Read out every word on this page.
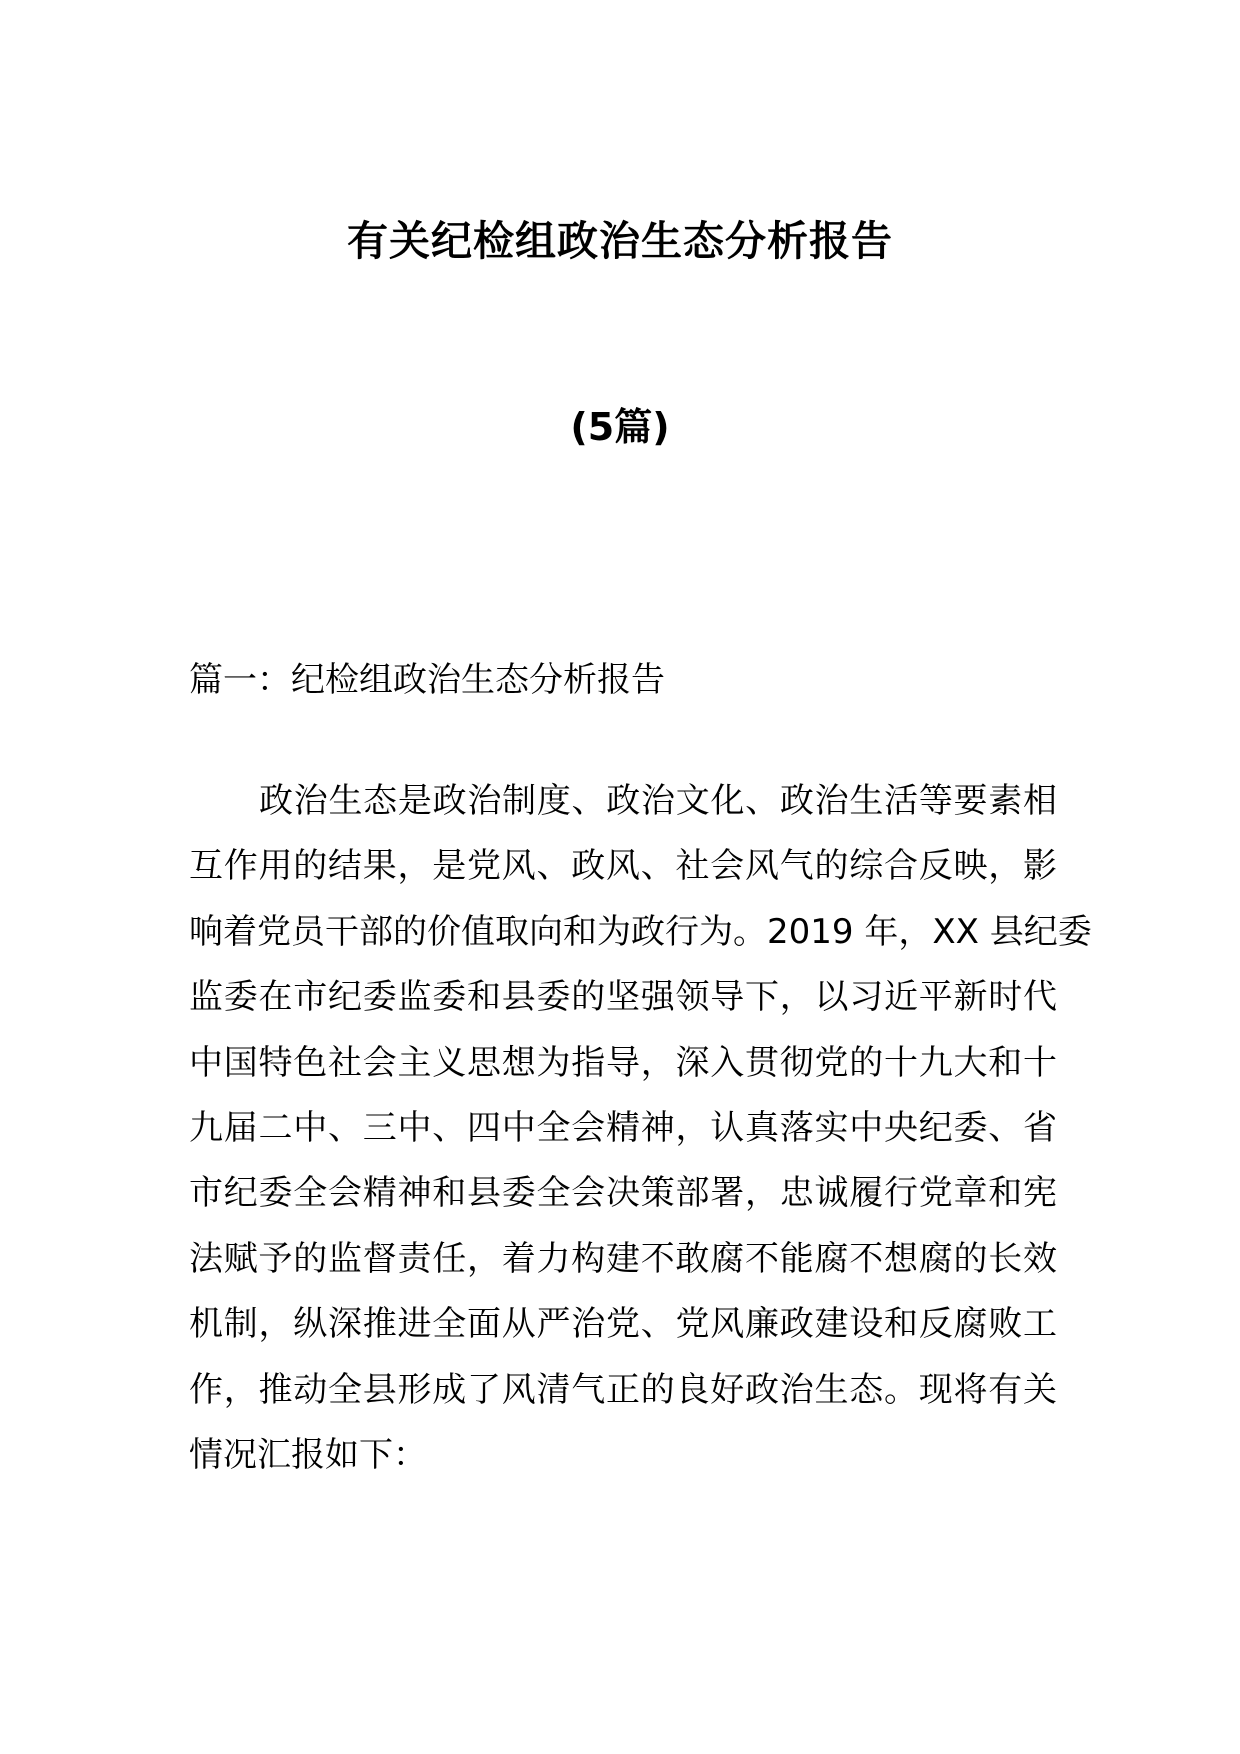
有关纪检组政治生态分析报告
(5篇)
篇一：纪检组政治生态分析报告
政治生态是政治制度、政治文化、政治生活等要素相
互作用的结果，是党风、政风、社会风气的综合反映，影
响着党员干部的价值取向和为政行为。2019 年，XX 县纪委
监委在市纪委监委和县委的坚强领导下，以习近平新时代
中国特色社会主义思想为指导，深入贯彻党的十九大和十
九届二中、三中、四中全会精神，认真落实中央纪委、省
市纪委全会精神和县委全会决策部署，忠诚履行党章和宪
法赋予的监督责任，着力构建不敢腐不能腐不想腐的长效
机制，纵深推进全面从严治党、党风廉政建设和反腐败工
作，推动全县形成了风清气正的良好政治生态。现将有关
情况汇报如下：
